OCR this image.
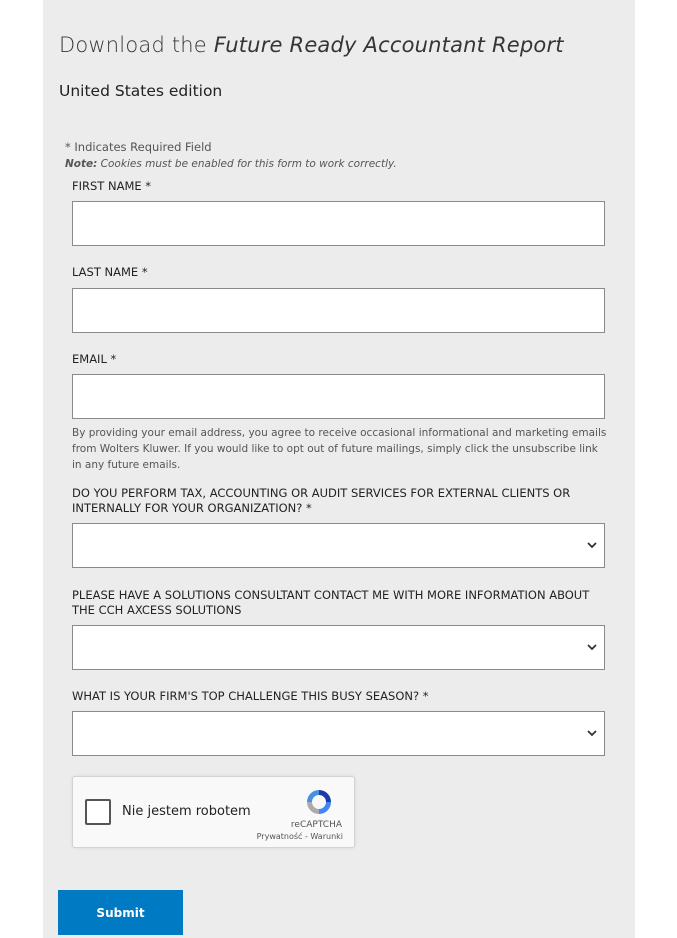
Download the Future Ready Accountant Report
United States edition
* Indicates Required Field
Note: Cookies must be enabled for this form to work correctly.
FIRST NAME *
LAST NAME *
EMAIL *
By providing your email address, you agree to receive occasional informational and marketing emails from Wolters Kluwer. If you would like to opt out of future mailings, simply click the unsubscribe link in any future emails.
DO YOU PERFORM TAX, ACCOUNTING OR AUDIT SERVICES FOR EXTERNAL CLIENTS OR INTERNALLY FOR YOUR ORGANIZATION? *
PLEASE HAVE A SOLUTIONS CONSULTANT CONTACT ME WITH MORE INFORMATION ABOUT THE CCH AXCESS SOLUTIONS
WHAT IS YOUR FIRM'S TOP CHALLENGE THIS BUSY SEASON? *
Nie jestem robotem
reCAPTCHA
Prywatność - Warunki
Submit
